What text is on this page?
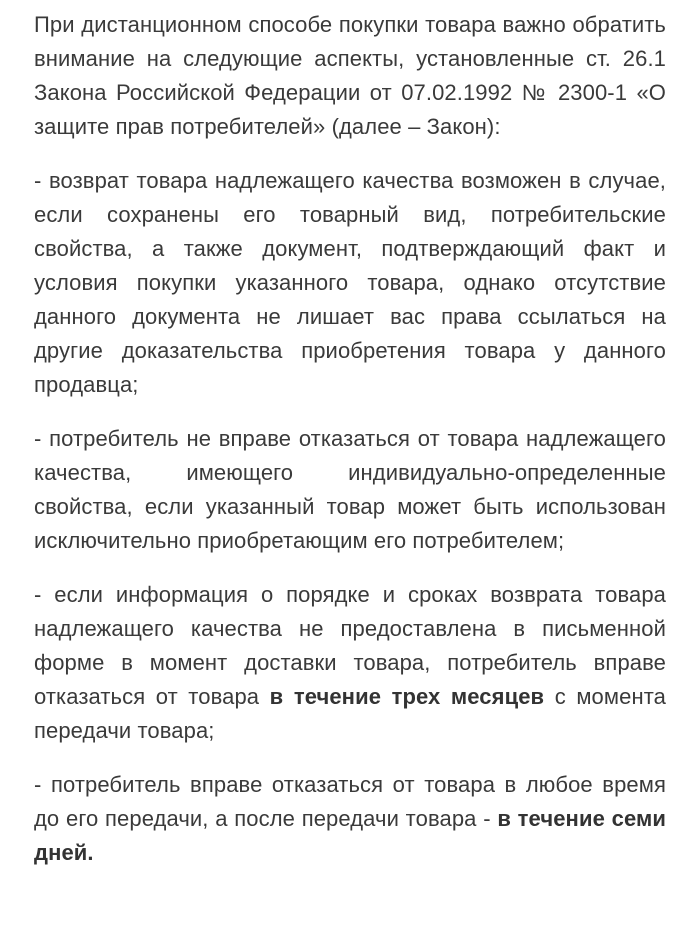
При дистанционном способе покупки товара важно обратить внимание на следующие аспекты, установленные ст. 26.1 Закона Российской Федерации от 07.02.1992 № 2300-1 «О защите прав потребителей» (далее – Закон):

- возврат товара надлежащего качества возможен в случае, если сохранены его товарный вид, потребительские свойства, а также документ, подтверждающий факт и условия покупки указанного товара, однако отсутствие данного документа не лишает вас права ссылаться на другие доказательства приобретения товара у данного продавца;

- потребитель не вправе отказаться от товара надлежащего качества, имеющего индивидуально-определенные свойства, если указанный товар может быть использован исключительно приобретающим его потребителем;

- если информация о порядке и сроках возврата товара надлежащего качества не предоставлена в письменной форме в момент доставки товара, потребитель вправе отказаться от товара в течение трех месяцев с момента передачи товара;

- потребитель вправе отказаться от товара в любое время до его передачи, а после передачи товара - в течение семи дней.
